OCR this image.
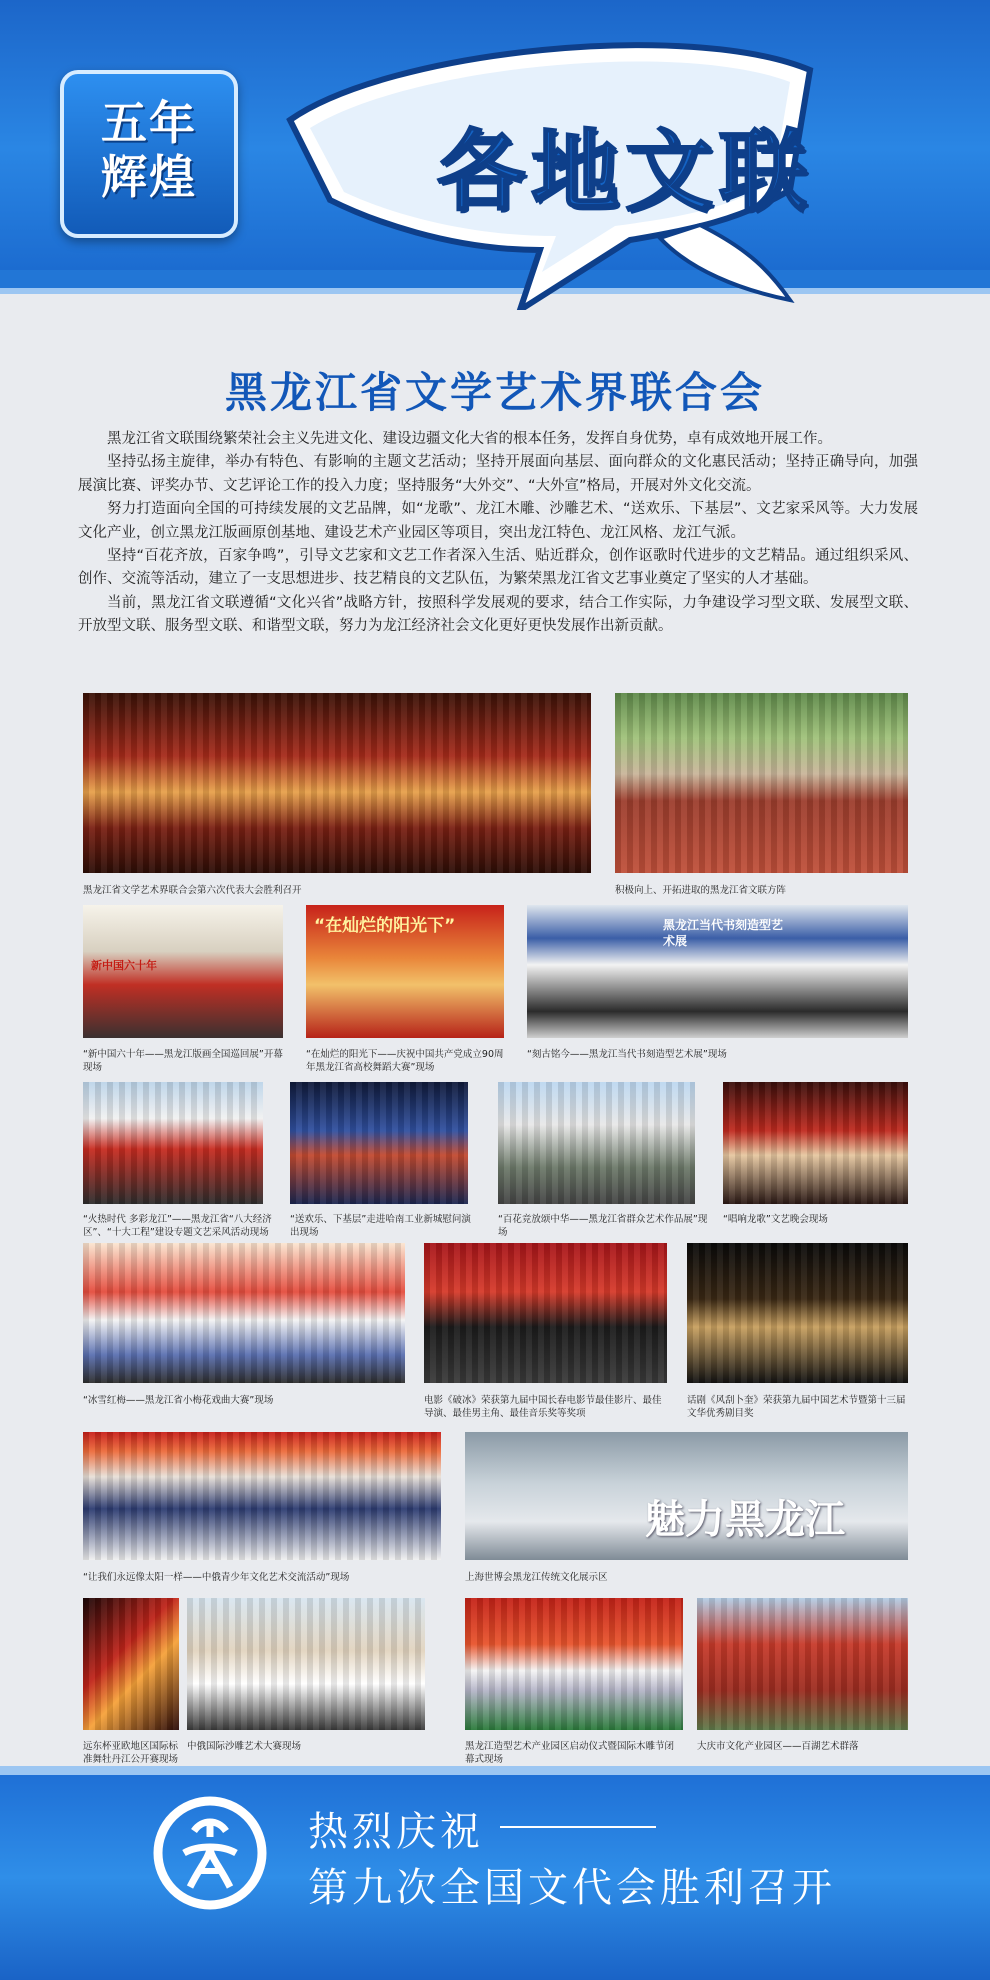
五年
辉煌	各地文联
黑龙江省文学艺术界联合会

黑龙江省文联围绕繁荣社会主义先进文化、建设边疆文化大省的根本任务，发挥自身优势，卓有成效地开展工作。

坚持弘扬主旋律，举办有特色、有影响的主题文艺活动；坚持开展面向基层、面向群众的文化惠民活动；坚持正确导向，加强展演比赛、评奖办节、文艺评论工作的投入力度；坚持服务“大外交”、“大外宣”格局，开展对外文化交流。

努力打造面向全国的可持续发展的文艺品牌，如“龙歌”、龙江木雕、沙雕艺术、“送欢乐、下基层”、文艺家采风等。大力发展文化产业，创立黑龙江版画原创基地、建设艺术产业园区等项目，突出龙江特色、龙江风格、龙江气派。

坚持“百花齐放，百家争鸣”，引导文艺家和文艺工作者深入生活、贴近群众，创作讴歌时代进步的文艺精品。通过组织采风、创作、交流等活动，建立了一支思想进步、技艺精良的文艺队伍，为繁荣黑龙江省文艺事业奠定了坚实的人才基础。

当前，黑龙江省文联遵循“文化兴省”战略方针，按照科学发展观的要求，结合工作实际，力争建设学习型文联、发展型文联、开放型文联、服务型文联、和谐型文联，努力为龙江经济社会文化更好更快发展作出新贡献。

黑龙江省文学艺术界联合会第六次代表大会胜利召开	积极向上、开拓进取的黑龙江省文联方阵
新中国六十年
“新中国六十年——黑龙江版画全国巡回展”开幕现场
“在灿烂的阳光下”
“在灿烂的阳光下——庆祝中国共产党成立90周年黑龙江省高校舞蹈大赛”现场
黑龙江当代书刻造型艺术展
“刻古铭今——黑龙江当代书刻造型艺术展”现场
“火热时代 多彩龙江”——黑龙江省“八大经济区”、“十大工程”建设专题文艺采风活动现场
“送欢乐、下基层”走进哈南工业新城慰问演出现场
“百花竞放颂中华——黑龙江省群众艺术作品展”现场
“唱响龙歌”文艺晚会现场
“冰雪红梅——黑龙江省小梅花戏曲大赛”现场	电影《破冰》荣获第九届中国长春电影节最佳影片、最佳导演、最佳男主角、最佳音乐奖等奖项
话剧《风刮卜奎》荣获第九届中国艺术节暨第十三届文华优秀剧目奖
“让我们永远像太阳一样——中俄青少年文化艺术交流活动”现场
魅力黑龙江
上海世博会黑龙江传统文化展示区
远东杯亚欧地区国际标准舞牡丹江公开赛现场
中俄国际沙雕艺术大赛现场	黑龙江造型艺术产业园区启动仪式暨国际木雕节闭幕式现场
大庆市文化产业园区——百湖艺术群落
热烈庆祝
第九次全国文代会胜利召开
